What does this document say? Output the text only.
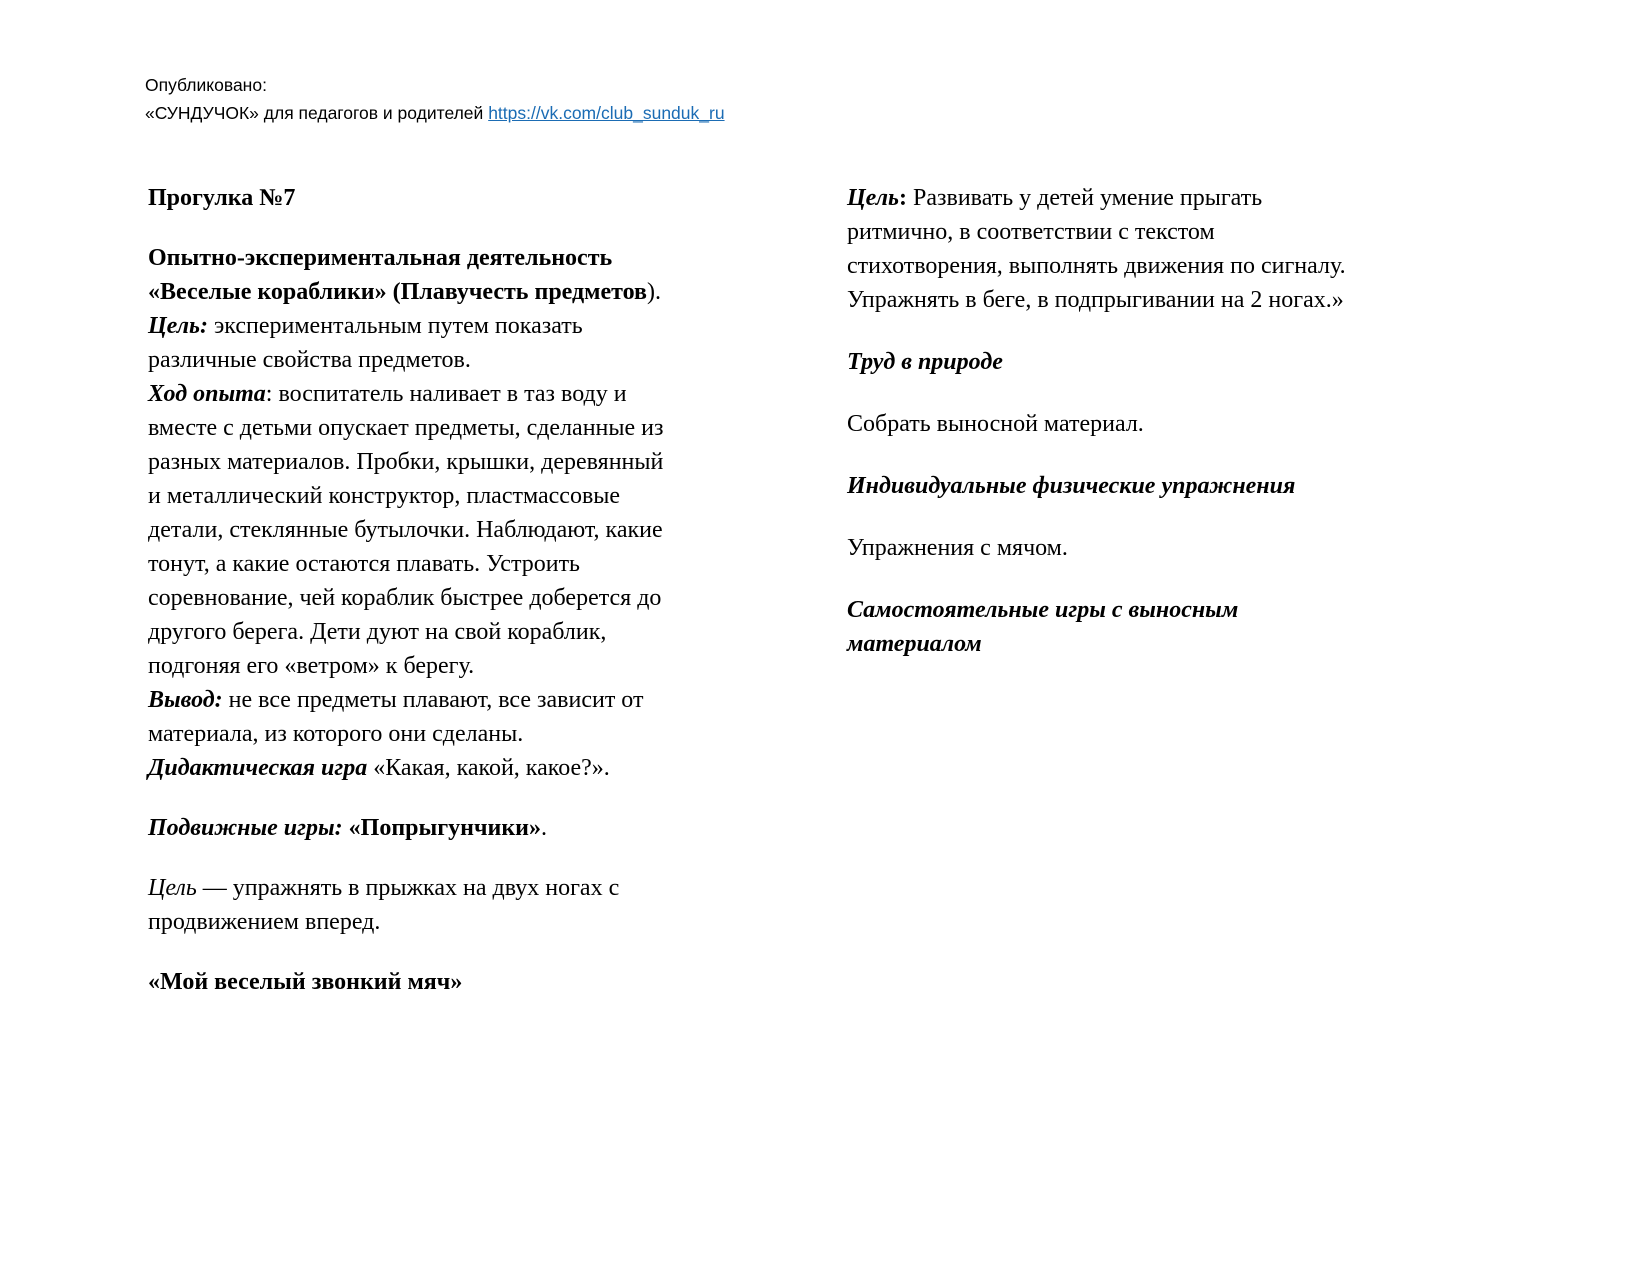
Опубликовано:
«СУНДУЧОК» для педагогов и родителей https://vk.com/club_sunduk_ru
Прогулка №7
Опытно-экспериментальная деятельность
«Веселые кораблики» (Плавучесть предметов).
Цель: экспериментальным путем показать
различные свойства предметов.
Ход опыта: воспитатель наливает в таз воду и
вместе с детьми опускает предметы, сделанные из
разных материалов. Пробки, крышки, деревянный
и металлический конструктор, пластмассовые
детали, стеклянные бутылочки. Наблюдают, какие
тонут, а какие остаются плавать. Устроить
соревнование, чей кораблик быстрее доберется до
другого берега. Дети дуют на свой кораблик,
подгоняя его «ветром» к берегу.
Вывод: не все предметы плавают, все зависит от
материала, из которого они сделаны.
Дидактическая игра «Какая, какой, какое?».
Подвижные игры: «Попрыгунчики».
Цель — упражнять в прыжках на двух ногах с
продвижением вперед.
«Мой веселый звонкий мяч»
Цель: Развивать у детей умение прыгать
ритмично, в соответствии с текстом
стихотворения, выполнять движения по сигналу.
Упражнять в беге, в подпрыгивании на 2 ногах.»
Труд в природе
Собрать выносной материал.
Индивидуальные физические упражнения
Упражнения с мячом.
Самостоятельные игры с выносным
материалом
